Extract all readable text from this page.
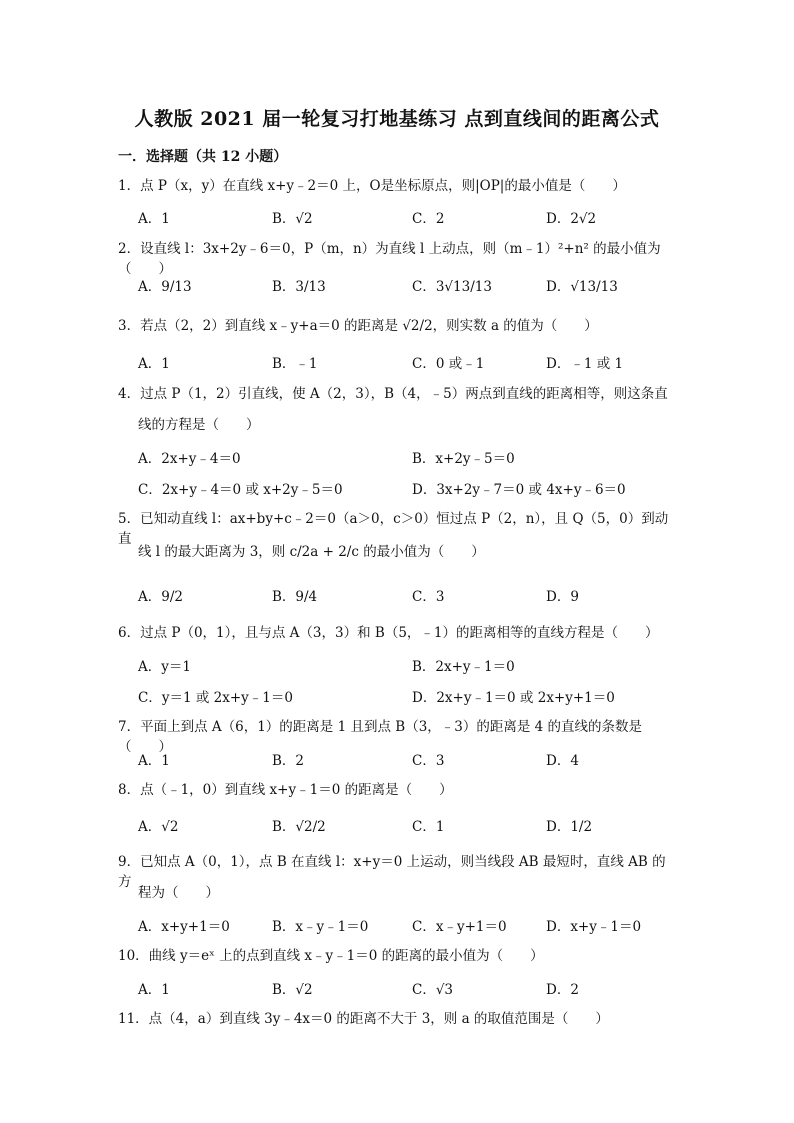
人教版 2021 届一轮复习打地基练习 点到直线间的距离公式
一．选择题（共 12 小题）
1．点 P（x，y）在直线 x+y﹣2＝0 上，O是坐标原点，则|OP|的最小值是（　　）
A．1	B．√2	C．2	D．2√2
2．设直线 l：3x+2y﹣6＝0，P（m，n）为直线 l 上动点，则（m﹣1）²+n² 的最小值为（　　）
A．9/13	B．3/13	C．3√13/13	D．√13/13
3．若点（2，2）到直线 x﹣y+a＝0 的距离是 √2/2，则实数 a 的值为（　　）
A．1	B．﹣1	C．0 或﹣1	D．﹣1 或 1
4．过点 P（1，2）引直线，使 A（2，3），B（4，﹣5）两点到直线的距离相等，则这条直
线的方程是（　　）
A．2x+y﹣4＝0	B．x+2y﹣5＝0
C．2x+y﹣4＝0 或 x+2y﹣5＝0	D．3x+2y﹣7＝0 或 4x+y﹣6＝0
5．已知动直线 l：ax+by+c﹣2＝0（a＞0，c＞0）恒过点 P（2，n），且 Q（5，0）到动直
线 l 的最大距离为 3，则 c/2a + 2/c 的最小值为（　　）
A．9/2	B．9/4	C．3	D．9
6．过点 P（0，1），且与点 A（3，3）和 B（5，﹣1）的距离相等的直线方程是（　　）
A．y＝1	B．2x+y﹣1＝0
C．y＝1 或 2x+y﹣1＝0	D．2x+y﹣1＝0 或 2x+y+1＝0
7．平面上到点 A（6，1）的距离是 1 且到点 B（3，﹣3）的距离是 4 的直线的条数是（　　）
A．1	B．2	C．3	D．4
8．点（﹣1，0）到直线 x+y﹣1＝0 的距离是（　　）
A．√2	B．√2/2	C．1	D．1/2
9．已知点 A（0，1），点 B 在直线 l：x+y＝0 上运动，则当线段 AB 最短时，直线 AB 的方
程为（　　）
A．x+y+1＝0	B．x﹣y﹣1＝0	C．x﹣y+1＝0	D．x+y﹣1＝0
10．曲线 y＝eˣ 上的点到直线 x﹣y﹣1＝0 的距离的最小值为（　　）
A．1	B．√2	C．√3	D．2
11．点（4，a）到直线 3y﹣4x＝0 的距离不大于 3，则 a 的取值范围是（　　）
